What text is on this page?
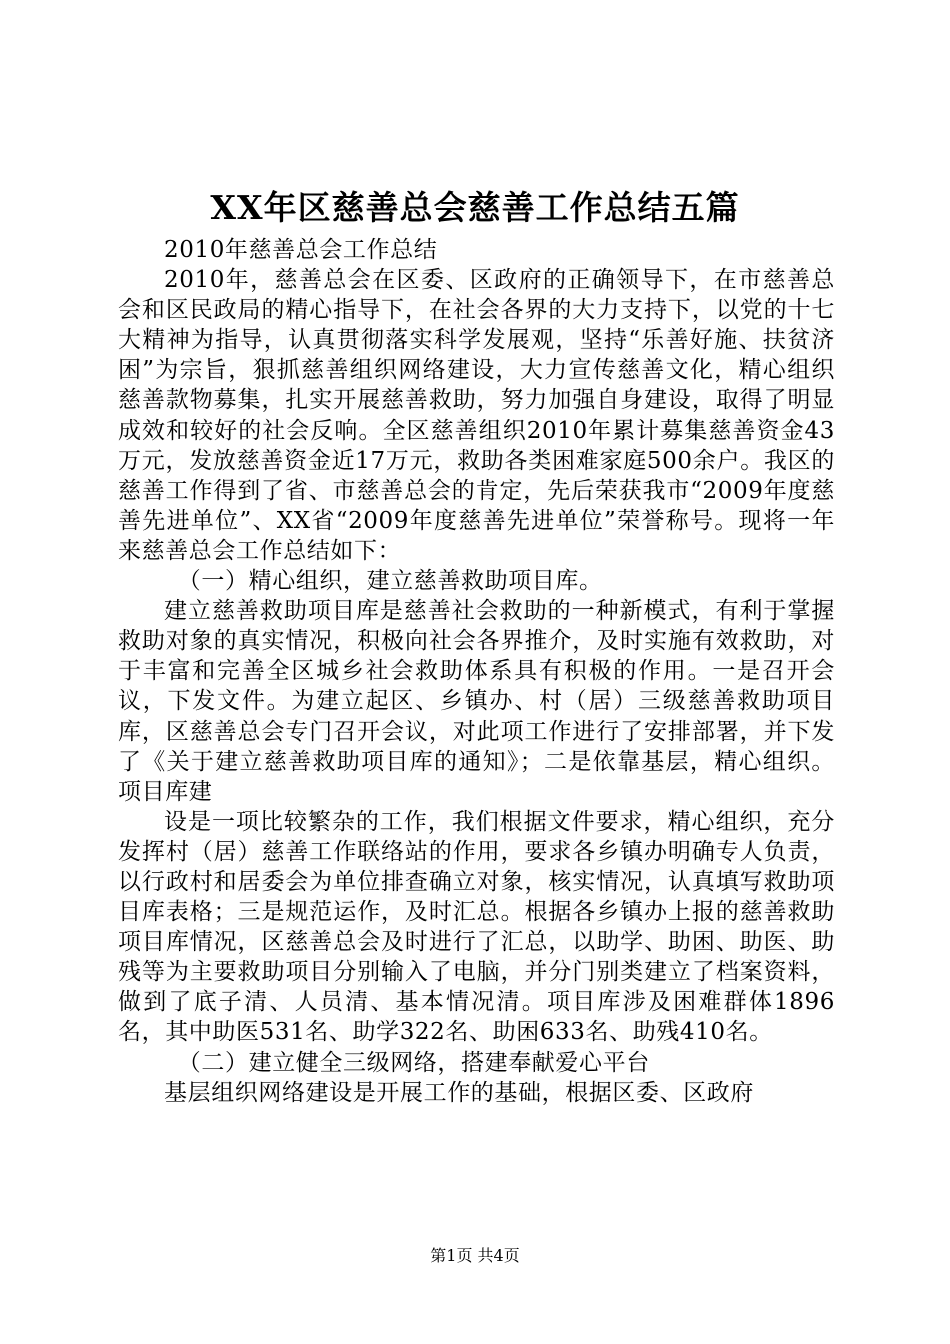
XX年区慈善总会慈善工作总结五篇

2010年慈善总会工作总结

2010年，慈善总会在区委、区政府的正确领导下，在市慈善总会和区民政局的精心指导下，在社会各界的大力支持下，以党的十七大精神为指导，认真贯彻落实科学发展观，坚持“乐善好施、扶贫济困”为宗旨，狠抓慈善组织网络建设，大力宣传慈善文化，精心组织慈善款物募集，扎实开展慈善救助，努力加强自身建设，取得了明显成效和较好的社会反响。全区慈善组织2010年累计募集慈善资金43万元，发放慈善资金近17万元，救助各类困难家庭500余户。我区的慈善工作得到了省、市慈善总会的肯定，先后荣获我市“2009年度慈善先进单位”、XX省“2009年度慈善先进单位”荣誉称号。现将一年来慈善总会工作总结如下：

（一）精心组织，建立慈善救助项目库。

建立慈善救助项目库是慈善社会救助的一种新模式，有利于掌握救助对象的真实情况，积极向社会各界推介，及时实施有效救助，对于丰富和完善全区城乡社会救助体系具有积极的作用。一是召开会议，下发文件。为建立起区、乡镇办、村（居）三级慈善救助项目库，区慈善总会专门召开会议，对此项工作进行了安排部署，并下发了《关于建立慈善救助项目库的通知》；二是依靠基层，精心组织。项目库建

设是一项比较繁杂的工作，我们根据文件要求，精心组织，充分发挥村（居）慈善工作联络站的作用，要求各乡镇办明确专人负责，以行政村和居委会为单位排查确立对象，核实情况，认真填写救助项目库表格；三是规范运作，及时汇总。根据各乡镇办上报的慈善救助项目库情况，区慈善总会及时进行了汇总，以助学、助困、助医、助残等为主要救助项目分别输入了电脑，并分门别类建立了档案资料，做到了底子清、人员清、基本情况清。项目库涉及困难群体1896名，其中助医531名、助学322名、助困633名、助残410名。

（二）建立健全三级网络，搭建奉献爱心平台

基层组织网络建设是开展工作的基础，根据区委、区政府

第1页 共4页
